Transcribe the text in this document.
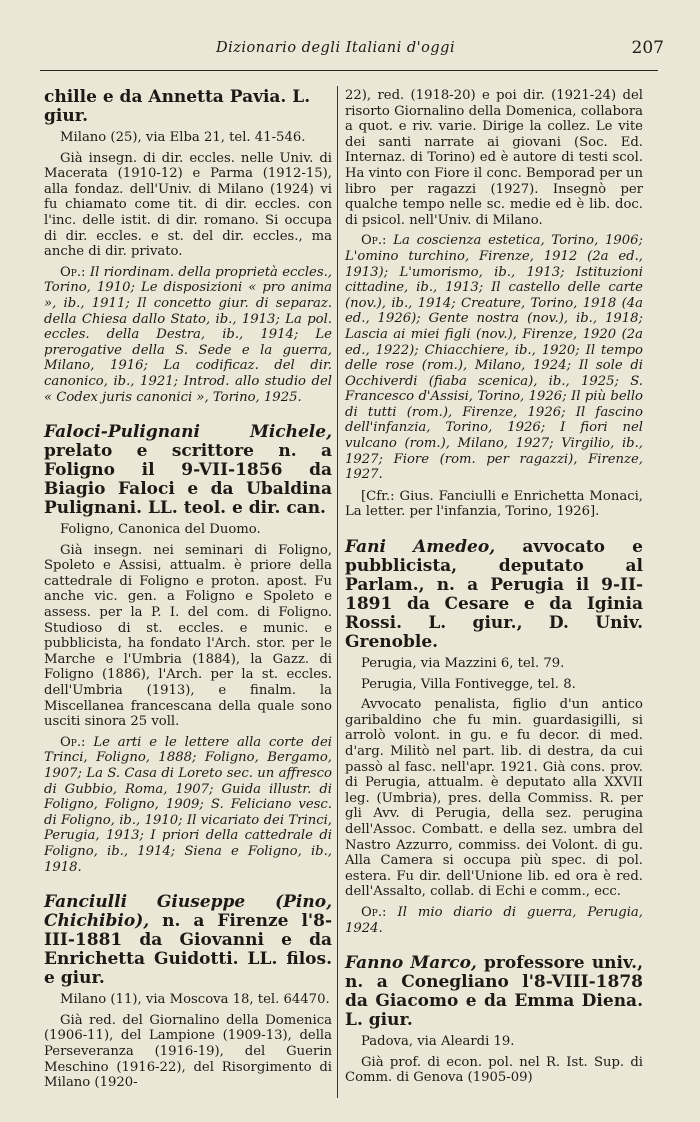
Dizionario degli Italiani d'oggi	207
chille e da Annetta Pavia. L. giur.

Milano (25), via Elba 21, tel. 41-546.

Già insegn. di dir. eccles. nelle Univ. di Macerata (1910-12) e Parma (1912-15), alla fondaz. dell'Univ. di Milano (1924) vi fu chiamato come tit. di dir. eccles. con l'inc. delle istit. di dir. romano. Si occupa di dir. eccles. e st. del dir. eccles., ma anche di dir. privato.

Op.: Il riordinam. della proprietà eccles., Torino, 1910; Le disposizioni « pro anima », ib., 1911; Il concetto giur. di separaz. della Chiesa dallo Stato, ib., 1913; La pol. eccles. della Destra, ib., 1914; Le prerogative della S. Sede e la guerra, Milano, 1916; La codificaz. del dir. canonico, ib., 1921; Introd. allo studio del « Codex juris canonici », Torino, 1925.

Faloci-Pulignani Michele, prelato e scrittore n. a Foligno il 9-VII-1856 da Biagio Faloci e da Ubaldina Pulignani. LL. teol. e dir. can.

Foligno, Canonica del Duomo.

Già insegn. nei seminari di Foligno, Spoleto e Assisi, attualm. è priore della cattedrale di Foligno e proton. apost. Fu anche vic. gen. a Foligno e Spoleto e assess. per la P. I. del com. di Foligno. Studioso di st. eccles. e munic. e pubblicista, ha fondato l'Arch. stor. per le Marche e l'Umbria (1884), la Gazz. di Foligno (1886), l'Arch. per la st. eccles. dell'Umbria (1913), e finalm. la Miscellanea francescana della quale sono usciti sinora 25 voll.

Op.: Le arti e le lettere alla corte dei Trinci, Foligno, 1888; Foligno, Bergamo, 1907; La S. Casa di Loreto sec. un affresco di Gubbio, Roma, 1907; Guida illustr. di Foligno, Foligno, 1909; S. Feliciano vesc. di Foligno, ib., 1910; Il vicariato dei Trinci, Perugia, 1913; I priori della cattedrale di Foligno, ib., 1914; Siena e Foligno, ib., 1918.

Fanciulli Giuseppe (Pino, Chichibio), n. a Firenze l'8-III-1881 da Giovanni e da Enrichetta Guidotti. LL. filos. e giur.

Milano (11), via Moscova 18, tel. 64470.

Già red. del Giornalino della Domenica (1906-11), del Lampione (1909-13), della Perseveranza (1916-19), del Guerin Meschino (1916-22), del Risorgimento di Milano (1920-

22), red. (1918-20) e poi dir. (1921-24) del risorto Giornalino della Domenica, collabora a quot. e riv. varie. Dirige la collez. Le vite dei santi narrate ai giovani (Soc. Ed. Internaz. di Torino) ed è autore di testi scol. Ha vinto con Fiore il conc. Bemporad per un libro per ragazzi (1927). Insegnò per qualche tempo nelle sc. medie ed è lib. doc. di psicol. nell'Univ. di Milano.

Op.: La coscienza estetica, Torino, 1906; L'omino turchino, Firenze, 1912 (2a ed., 1913); L'umorismo, ib., 1913; Istituzioni cittadine, ib., 1913; Il castello delle carte (nov.), ib., 1914; Creature, Torino, 1918 (4a ed., 1926); Gente nostra (nov.), ib., 1918; Lascia ai miei figli (nov.), Firenze, 1920 (2a ed., 1922); Chiacchiere, ib., 1920; Il tempo delle rose (rom.), Milano, 1924; Il sole di Occhiverdi (fiaba scenica), ib., 1925; S. Francesco d'Assisi, Torino, 1926; Il più bello di tutti (rom.), Firenze, 1926; Il fascino dell'infanzia, Torino, 1926; I fiori nel vulcano (rom.), Milano, 1927; Virgilio, ib., 1927; Fiore (rom. per ragazzi), Firenze, 1927.

[Cfr.: Gius. Fanciulli e Enrichetta Monaci, La letter. per l'infanzia, Torino, 1926].

Fani Amedeo, avvocato e pubblicista, deputato al Parlam., n. a Perugia il 9-II-1891 da Cesare e da Iginia Rossi. L. giur., D. Univ. Grenoble.

Perugia, via Mazzini 6, tel. 79.

Perugia, Villa Fontivegge, tel. 8.

Avvocato penalista, figlio d'un antico garibaldino che fu min. guardasigilli, si arrolò volont. in gu. e fu decor. di med. d'arg. Militò nel part. lib. di destra, da cui passò al fasc. nell'apr. 1921. Già cons. prov. di Perugia, attualm. è deputato alla XXVII leg. (Umbria), pres. della Commiss. R. per gli Avv. di Perugia, della sez. perugina dell'Assoc. Combatt. e della sez. umbra del Nastro Azzurro, commiss. dei Volont. di gu. Alla Camera si occupa più spec. di pol. estera. Fu dir. dell'Unione lib. ed ora è red. dell'Assalto, collab. di Echi e comm., ecc.

Op.: Il mio diario di guerra, Perugia, 1924.

Fanno Marco, professore univ., n. a Conegliano l'8-VIII-1878 da Giacomo e da Emma Diena. L. giur.

Padova, via Aleardi 19.

Già prof. di econ. pol. nel R. Ist. Sup. di Comm. di Genova (1905-09)
